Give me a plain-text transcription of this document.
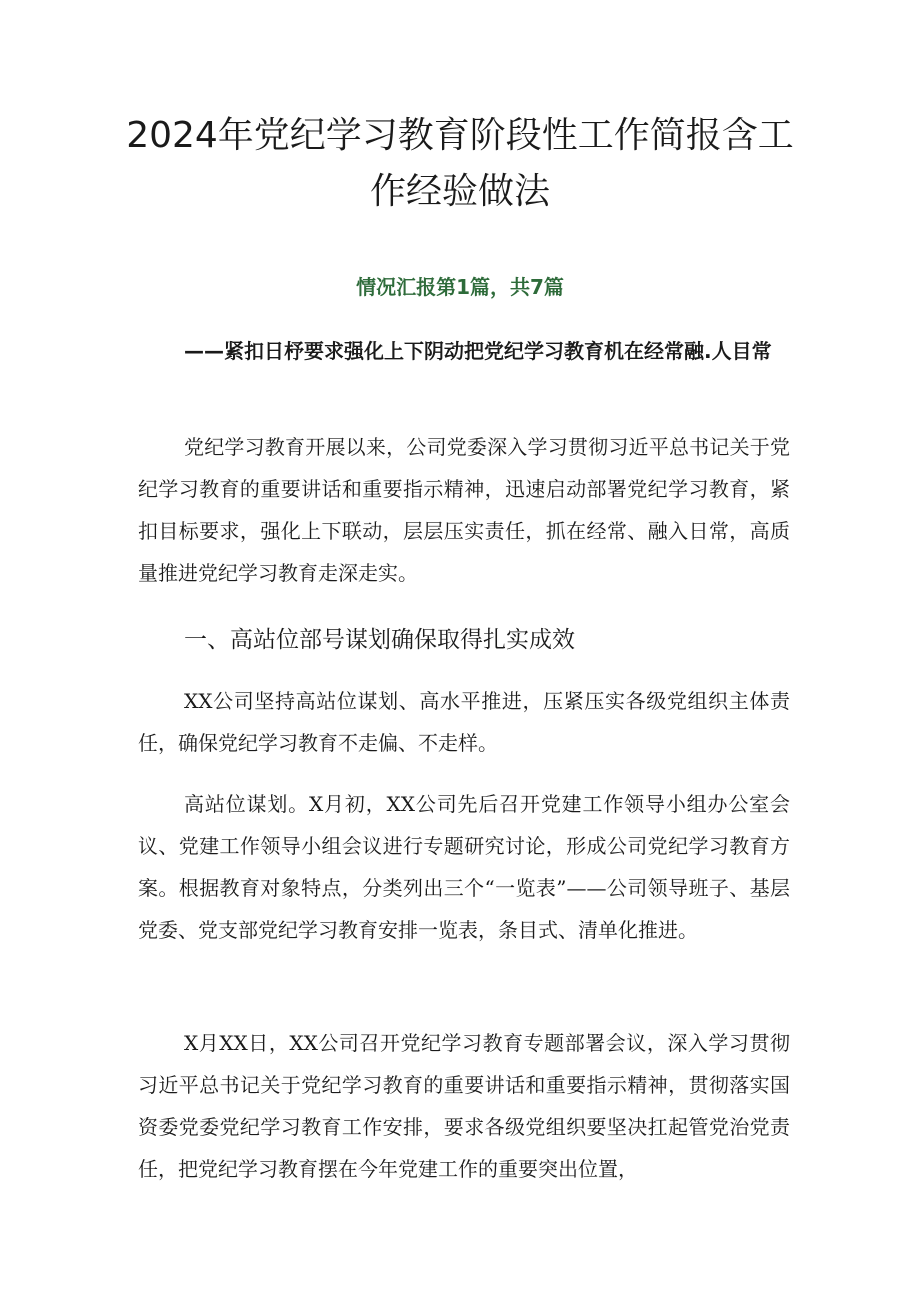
2024年党纪学习教育阶段性工作简报含工作经验做法
情况汇报第1篇，共7篇

——紧扣日杼要求强化上下阴动把党纪学习教育机在经常融.人目常

党纪学习教育开展以来，公司党委深入学习贯彻习近平总书记关于党纪学习教育的重要讲话和重要指示精神，迅速启动部署党纪学习教育，紧扣目标要求，强化上下联动，层层压实责任，抓在经常、融入日常，高质量推进党纪学习教育走深走实。

一、高站位部号谋划确保取得扎实成效

XX公司坚持高站位谋划、高水平推进，压紧压实各级党组织主体责任，确保党纪学习教育不走偏、不走样。

高站位谋划。X月初，XX公司先后召开党建工作领导小组办公室会议、党建工作领导小组会议进行专题研究讨论，形成公司党纪学习教育方案。根据教育对象特点，分类列出三个“一览表”——公司领导班子、基层党委、党支部党纪学习教育安排一览表，条目式、清单化推进。

X月XX日，XX公司召开党纪学习教育专题部署会议，深入学习贯彻习近平总书记关于党纪学习教育的重要讲话和重要指示精神，贯彻落实国资委党委党纪学习教育工作安排，要求各级党组织要坚决扛起管党治党责任，把党纪学习教育摆在今年党建工作的重要突出位置，
